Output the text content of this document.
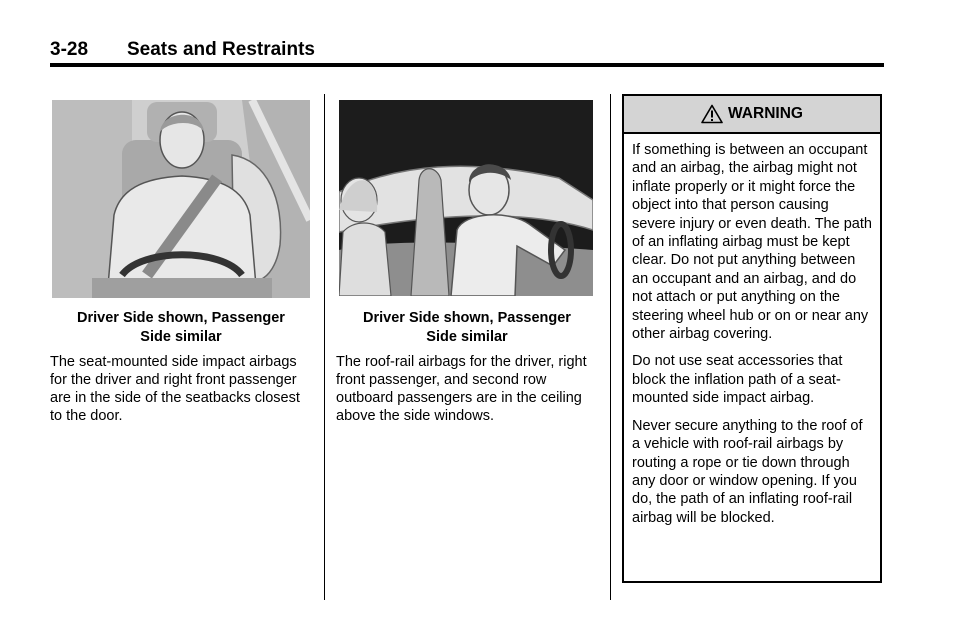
3-28 Seats and Restraints
Driver Side shown, Passenger
Side similar

The seat-mounted side impact airbags for the driver and right front passenger are in the side of the seatbacks closest to the door.

Driver Side shown, Passenger
Side similar

The roof-rail airbags for the driver, right front passenger, and second row outboard passengers are in the ceiling above the side windows.

WARNING

If something is between an occupant and an airbag, the airbag might not inflate properly or it might force the object into that person causing severe injury or even death. The path of an inflating airbag must be kept clear. Do not put anything between an occupant and an airbag, and do not attach or put anything on the steering wheel hub or on or near any other airbag covering.

Do not use seat accessories that block the inflation path of a seat-mounted side impact airbag.

Never secure anything to the roof of a vehicle with roof-rail airbags by routing a rope or tie down through any door or window opening. If you do, the path of an inflating roof-rail airbag will be blocked.
